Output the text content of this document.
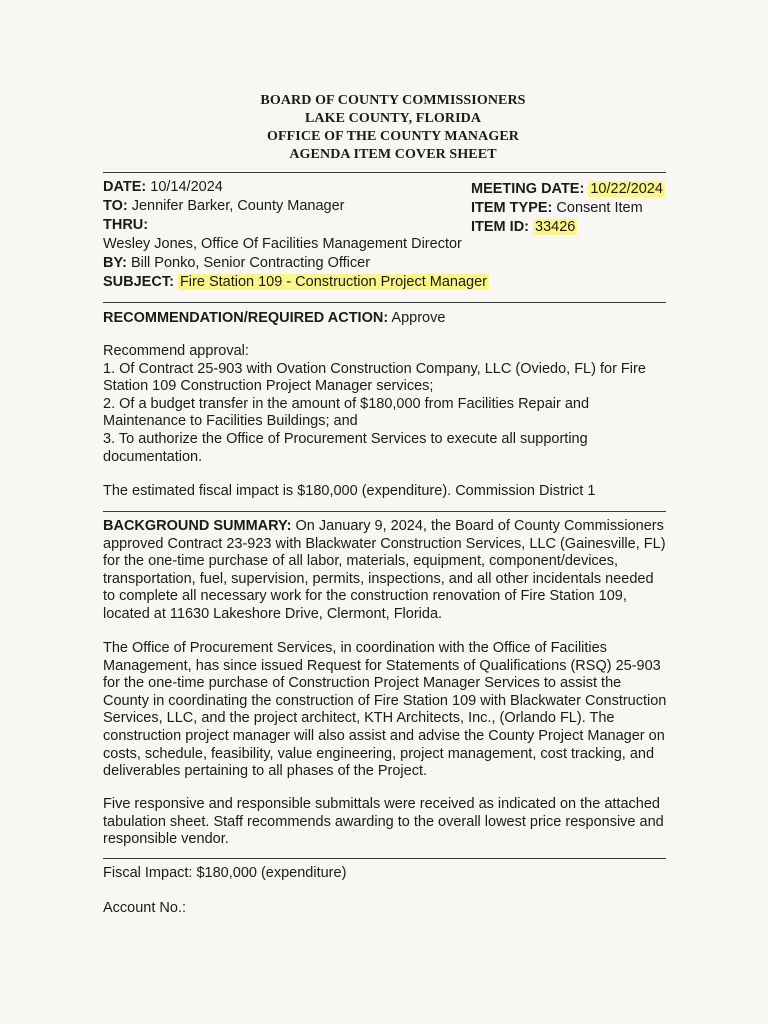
BOARD OF COUNTY COMMISSIONERS
LAKE COUNTY, FLORIDA
OFFICE OF THE COUNTY MANAGER
AGENDA ITEM COVER SHEET
DATE: 10/14/2024
TO: Jennifer Barker, County Manager
THRU:
Wesley Jones, Office Of Facilities Management Director
BY: Bill Ponko, Senior Contracting Officer
SUBJECT: Fire Station 109 - Construction Project Manager
MEETING DATE: 10/22/2024
ITEM TYPE: Consent Item
ITEM ID: 33426
RECOMMENDATION/REQUIRED ACTION: Approve
Recommend approval:
1. Of Contract 25-903 with Ovation Construction Company, LLC (Oviedo, FL) for Fire
Station 109 Construction Project Manager services;
2. Of a budget transfer in the amount of $180,000 from Facilities Repair and
Maintenance to Facilities Buildings; and
3. To authorize the Office of Procurement Services to execute all supporting
documentation.
The estimated fiscal impact is $180,000 (expenditure). Commission District 1
BACKGROUND SUMMARY: On January 9, 2024, the Board of County Commissioners
approved Contract 23-923 with Blackwater Construction Services, LLC (Gainesville, FL)
for the one-time purchase of all labor, materials, equipment, component/devices,
transportation, fuel, supervision, permits, inspections, and all other incidentals needed
to complete all necessary work for the construction renovation of Fire Station 109,
located at 11630 Lakeshore Drive, Clermont, Florida.
The Office of Procurement Services, in coordination with the Office of Facilities
Management, has since issued Request for Statements of Qualifications (RSQ) 25-903
for the one-time purchase of Construction Project Manager Services to assist the
County in coordinating the construction of Fire Station 109 with Blackwater Construction
Services, LLC, and the project architect, KTH Architects, Inc., (Orlando FL). The
construction project manager will also assist and advise the County Project Manager on
costs, schedule, feasibility, value engineering, project management, cost tracking, and
deliverables pertaining to all phases of the Project.
Five responsive and responsible submittals were received as indicated on the attached
tabulation sheet. Staff recommends awarding to the overall lowest price responsive and
responsible vendor.
Fiscal Impact: $180,000 (expenditure)
Account No.:
